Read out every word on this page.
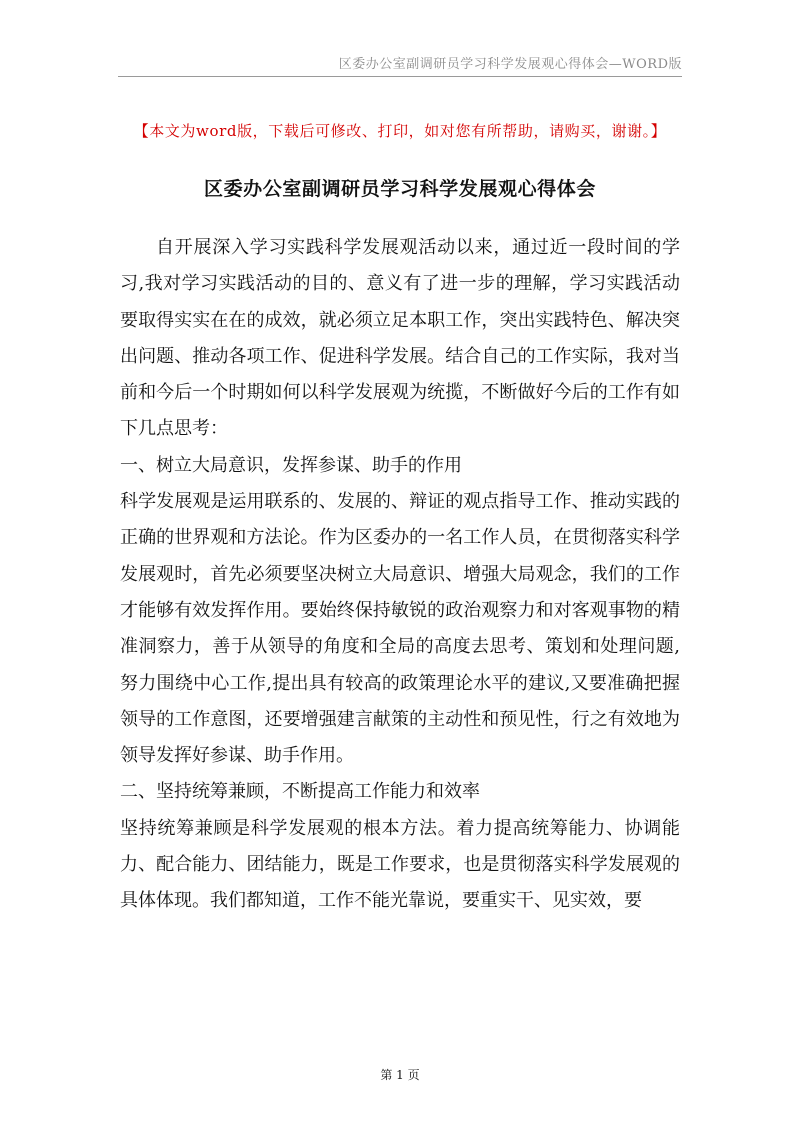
区委办公室副调研员学习科学发展观心得体会—WORD版
【本文为word版，下载后可修改、打印，如对您有所帮助，请购买，谢谢。】
区委办公室副调研员学习科学发展观心得体会

自开展深入学习实践科学发展观活动以来，通过近一段时间的学习,我对学习实践活动的目的、意义有了进一步的理解，学习实践活动要取得实实在在的成效，就必须立足本职工作，突出实践特色、解决突出问题、推动各项工作、促进科学发展。结合自己的工作实际，我对当前和今后一个时期如何以科学发展观为统揽，不断做好今后的工作有如下几点思考：

一、树立大局意识，发挥参谋、助手的作用

科学发展观是运用联系的、发展的、辩证的观点指导工作、推动实践的正确的世界观和方法论。作为区委办的一名工作人员，在贯彻落实科学发展观时，首先必须要坚决树立大局意识、增强大局观念，我们的工作才能够有效发挥作用。要始终保持敏锐的政治观察力和对客观事物的精准洞察力，善于从领导的角度和全局的高度去思考、策划和处理问题,努力围绕中心工作,提出具有较高的政策理论水平的建议,又要准确把握领导的工作意图，还要增强建言献策的主动性和预见性，行之有效地为领导发挥好参谋、助手作用。

二、坚持统筹兼顾，不断提高工作能力和效率

坚持统筹兼顾是科学发展观的根本方法。着力提高统筹能力、协调能力、配合能力、团结能力，既是工作要求，也是贯彻落实科学发展观的具体体现。我们都知道，工作不能光靠说，要重实干、见实效，要

第 1 页
